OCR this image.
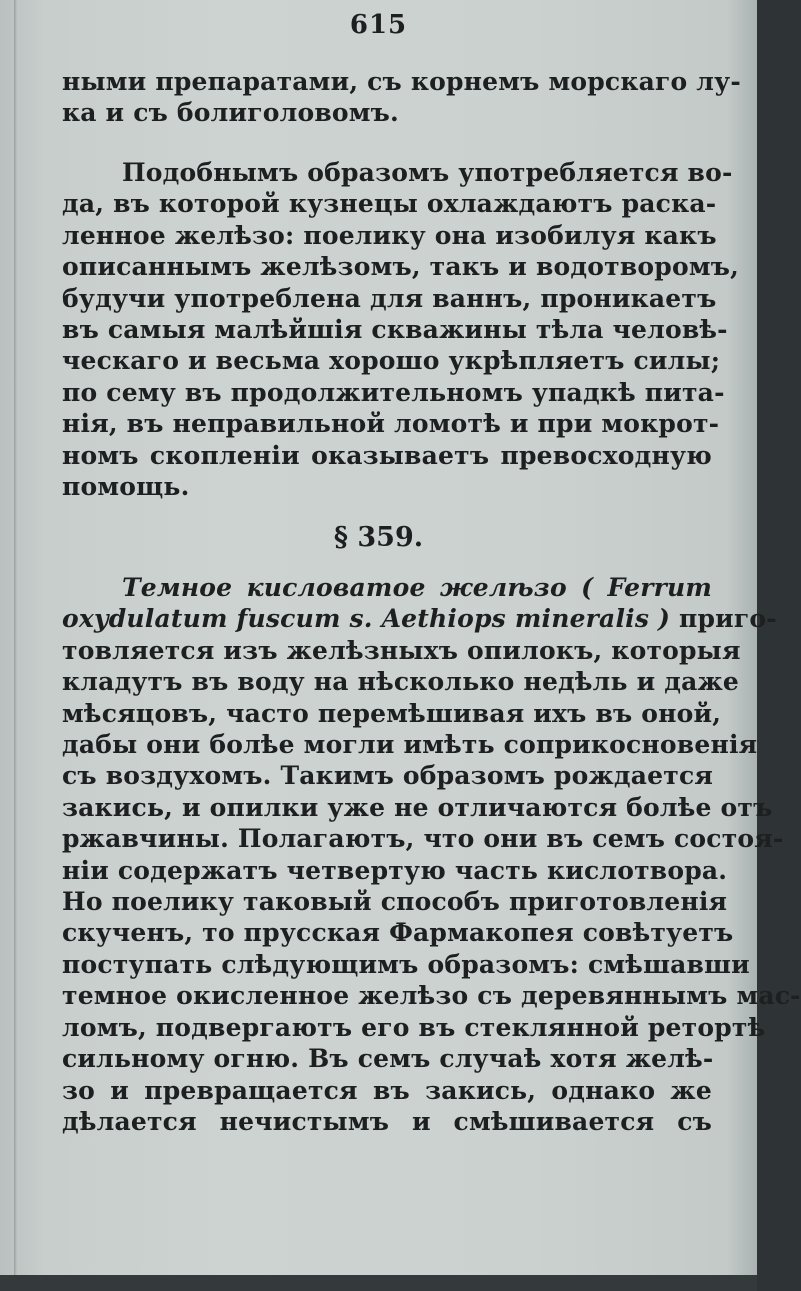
615
ными препаратами, съ корнемъ морскаго лу-
ка и съ болиголовомъ.
Подобнымъ образомъ употребляется во-
да, въ которой кузнецы охлаждаютъ раска-
ленное желѣзо: поелику она изобилуя какъ
описаннымъ желѣзомъ, такъ и водотворомъ,
будучи употреблена для ваннъ, проникаетъ
въ самыя малѣйшія скважины тѣла человѣ-
ческаго и весьма хорошо укрѣпляетъ силы;
по сему въ продолжительномъ упадкѣ пита-
нія, въ неправильной ломотѣ и при мокрот-
номъ скопленіи оказываетъ превосходную
помощь.
§ 359.
Темное кисловатое желѣзо ( Ferrum
oxydulatum fuscum s. Aethiops mineralis ) приго-
товляется изъ желѣзныхъ опилокъ, которыя
кладутъ въ воду на нѣсколько недѣль и даже
мѣсяцовъ, часто перемѣшивая ихъ въ оной,
дабы они болѣе могли имѣть соприкосновенія
съ воздухомъ. Такимъ образомъ рождается
закись, и опилки уже не отличаются болѣе отъ
ржавчины. Полагаютъ, что они въ семъ состоя-
ніи содержатъ четвертую часть кислотвора.
Но поелику таковый способъ приготовленія
скученъ, то прусская Фармакопея совѣтуетъ
поступать слѣдующимъ образомъ: смѣшавши
темное окисленное желѣзо съ деревяннымъ мас-
ломъ, подвергаютъ его въ стеклянной ретортѣ
сильному огню. Въ семъ случаѣ хотя желѣ-
зо и превращается въ закись, однако же
дѣлается нечистымъ и смѣшивается съ
